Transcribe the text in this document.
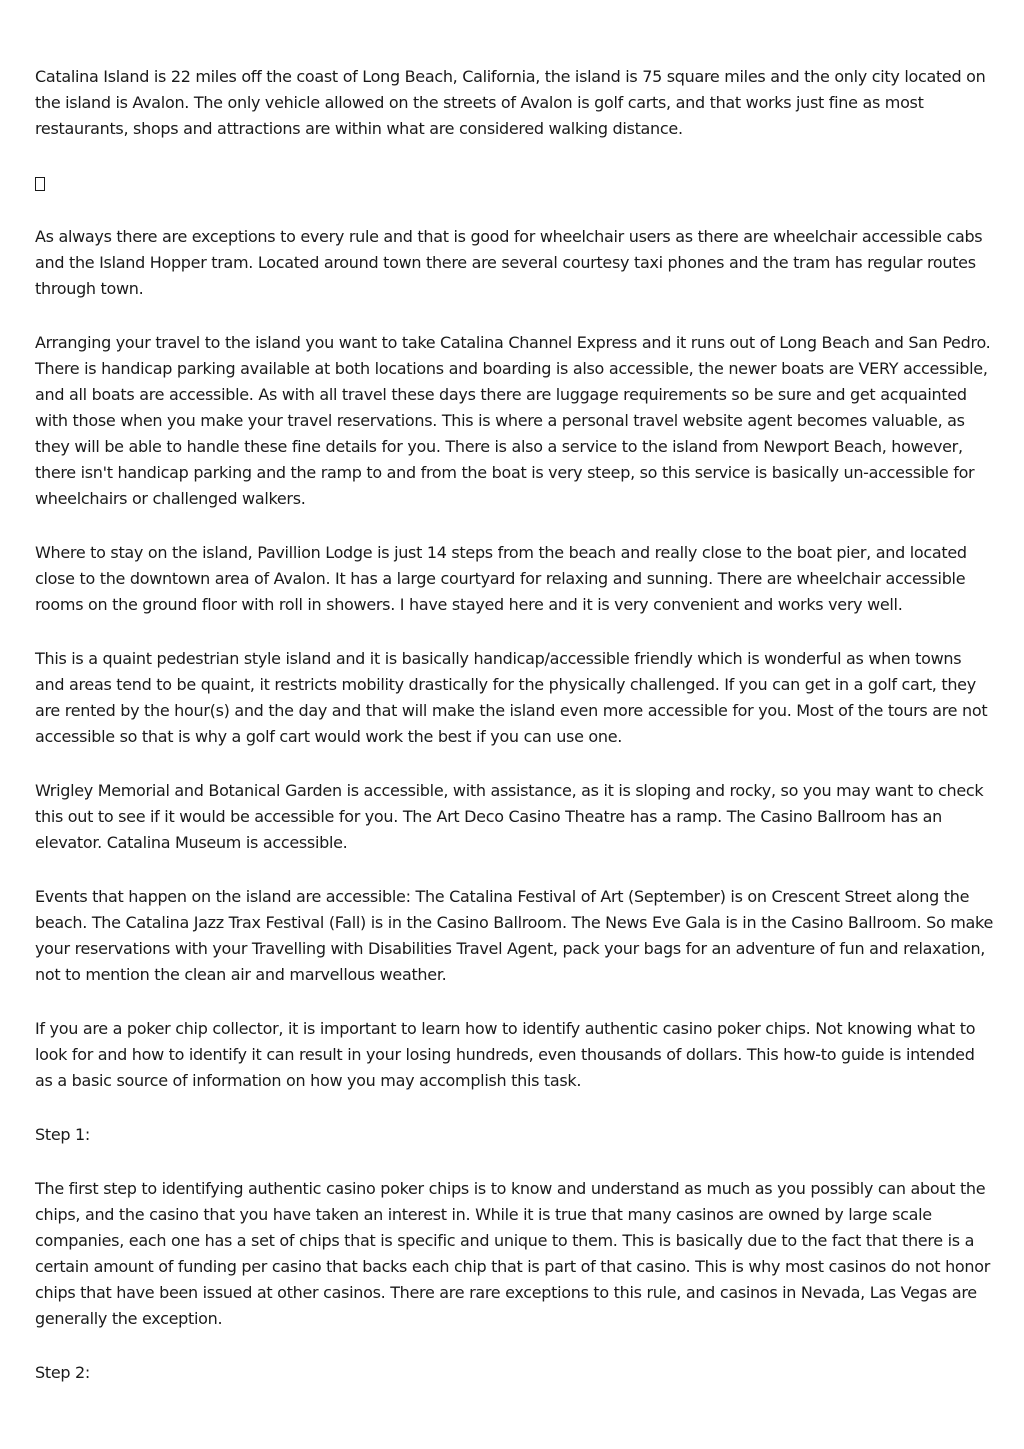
Catalina Island is 22 miles off the coast of Long Beach, California, the island is 75 square miles and the only city located on the island is Avalon. The only vehicle allowed on the streets of Avalon is golf carts, and that works just fine as most restaurants, shops and attractions are within what are considered walking distance.

As always there are exceptions to every rule and that is good for wheelchair users as there are wheelchair accessible cabs and the Island Hopper tram. Located around town there are several courtesy taxi phones and the tram has regular routes through town.

Arranging your travel to the island you want to take Catalina Channel Express and it runs out of Long Beach and San Pedro. There is handicap parking available at both locations and boarding is also accessible, the newer boats are VERY accessible, and all boats are accessible. As with all travel these days there are luggage requirements so be sure and get acquainted with those when you make your travel reservations. This is where a personal travel website agent becomes valuable, as they will be able to handle these fine details for you. There is also a service to the island from Newport Beach, however, there isn't handicap parking and the ramp to and from the boat is very steep, so this service is basically un-accessible for wheelchairs or challenged walkers.

Where to stay on the island, Pavillion Lodge is just 14 steps from the beach and really close to the boat pier, and located close to the downtown area of Avalon. It has a large courtyard for relaxing and sunning. There are wheelchair accessible rooms on the ground floor with roll in showers. I have stayed here and it is very convenient and works very well.

This is a quaint pedestrian style island and it is basically handicap/accessible friendly which is wonderful as when towns and areas tend to be quaint, it restricts mobility drastically for the physically challenged. If you can get in a golf cart, they are rented by the hour(s) and the day and that will make the island even more accessible for you. Most of the tours are not accessible so that is why a golf cart would work the best if you can use one.

Wrigley Memorial and Botanical Garden is accessible, with assistance, as it is sloping and rocky, so you may want to check this out to see if it would be accessible for you. The Art Deco Casino Theatre has a ramp. The Casino Ballroom has an elevator. Catalina Museum is accessible.

Events that happen on the island are accessible: The Catalina Festival of Art (September) is on Crescent Street along the beach. The Catalina Jazz Trax Festival (Fall) is in the Casino Ballroom. The News Eve Gala is in the Casino Ballroom. So make your reservations with your Travelling with Disabilities Travel Agent, pack your bags for an adventure of fun and relaxation, not to mention the clean air and marvellous weather.

If you are a poker chip collector, it is important to learn how to identify authentic casino poker chips. Not knowing what to look for and how to identify it can result in your losing hundreds, even thousands of dollars. This how-to guide is intended as a basic source of information on how you may accomplish this task.

Step 1:

The first step to identifying authentic casino poker chips is to know and understand as much as you possibly can about the chips, and the casino that you have taken an interest in. While it is true that many casinos are owned by large scale companies, each one has a set of chips that is specific and unique to them. This is basically due to the fact that there is a certain amount of funding per casino that backs each chip that is part of that casino. This is why most casinos do not honor chips that have been issued at other casinos. There are rare exceptions to this rule, and casinos in Nevada, Las Vegas are generally the exception.

Step 2:
